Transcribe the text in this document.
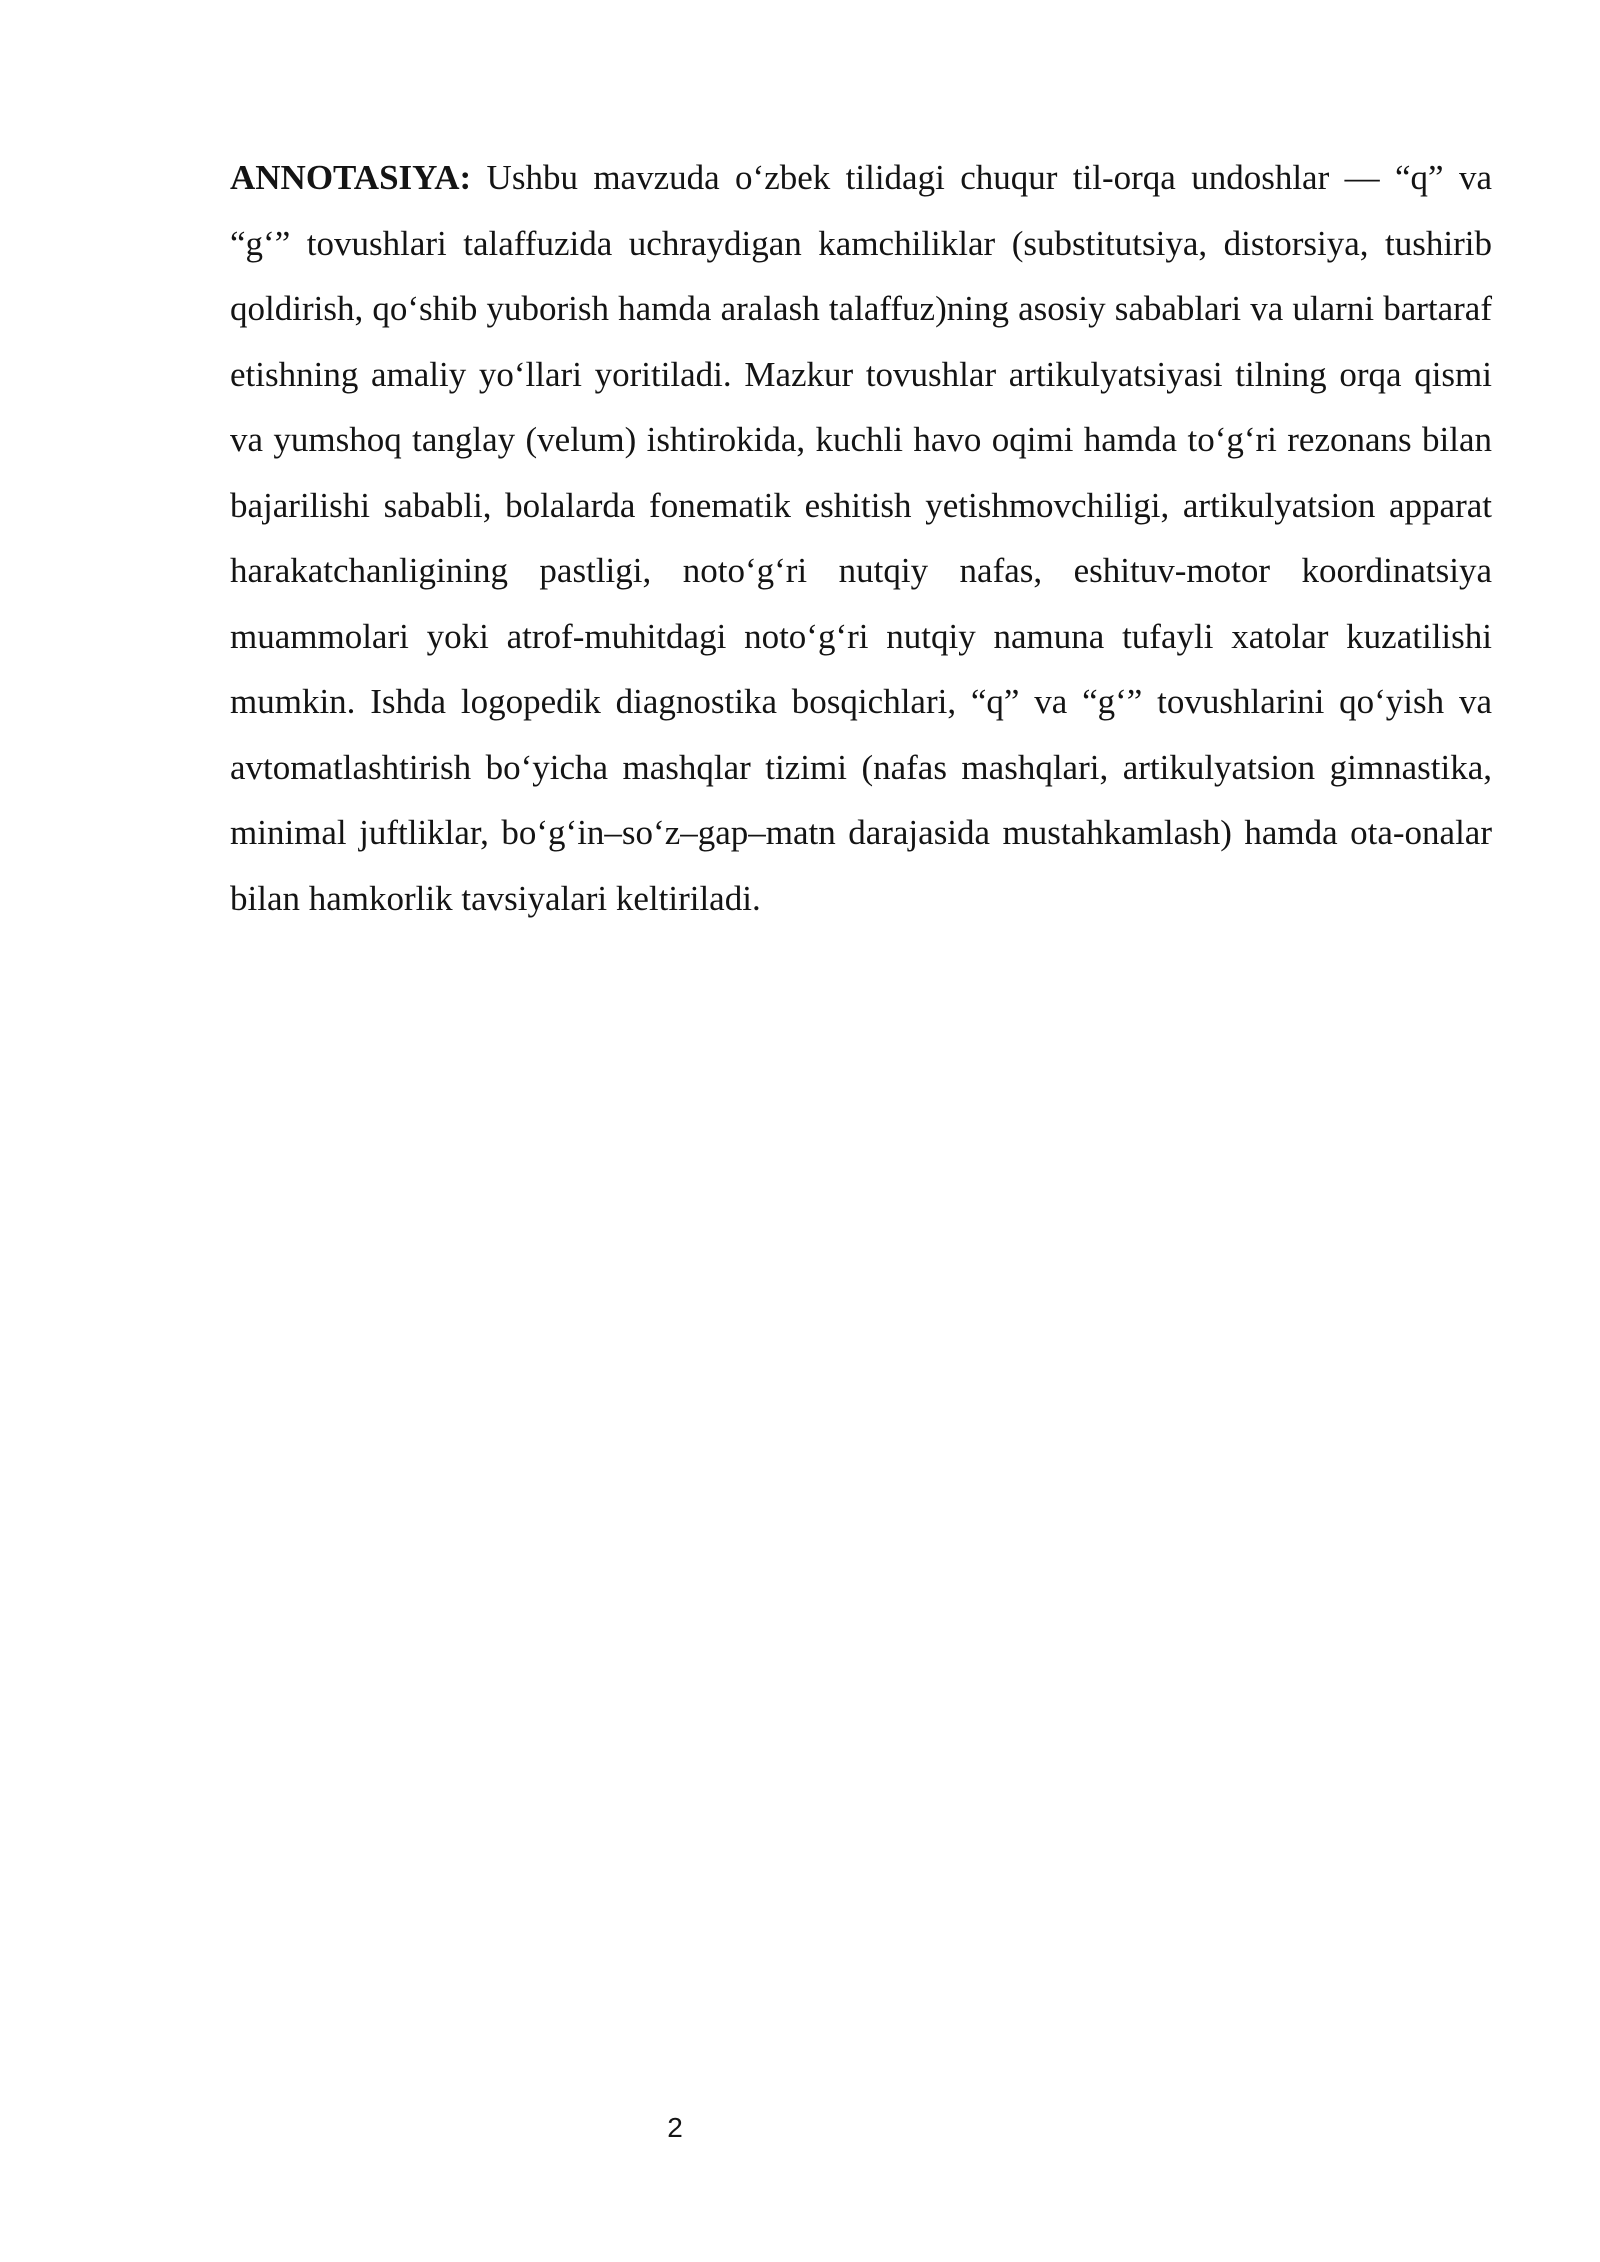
ANNOTASIYA: Ushbu mavzuda o‘zbek tilidagi chuqur til-orqa undoshlar — “q” va “g‘” tovushlari talaffuzida uchraydigan kamchiliklar (substitutsiya, distorsiya, tushirib qoldirish, qo‘shib yuborish hamda aralash talaffuz)ning asosiy sabablari va ularni bartaraf etishning amaliy yo‘llari yoritiladi. Mazkur tovushlar artikulyatsiyasi tilning orqa qismi va yumshoq tanglay (velum) ishtirokida, kuchli havo oqimi hamda to‘g‘ri rezonans bilan bajarilishi sababli, bolalarda fonematik eshitish yetishmovchiligi, artikulyatsion apparat harakatchanligining pastligi, noto‘g‘ri nutqiy nafas, eshituv-motor koordinatsiya muammolari yoki atrof-muhitdagi noto‘g‘ri nutqiy namuna tufayli xatolar kuzatilishi mumkin. Ishda logopedik diagnostika bosqichlari, “q” va “g‘” tovushlarini qo‘yish va avtomatlashtirish bo‘yicha mashqlar tizimi (nafas mashqlari, artikulyatsion gimnastika, minimal juftliklar, bo‘g‘in–so‘z–gap–matn darajasida mustahkamlash) hamda ota-onalar bilan hamkorlik tavsiyalari keltiriladi.

2
